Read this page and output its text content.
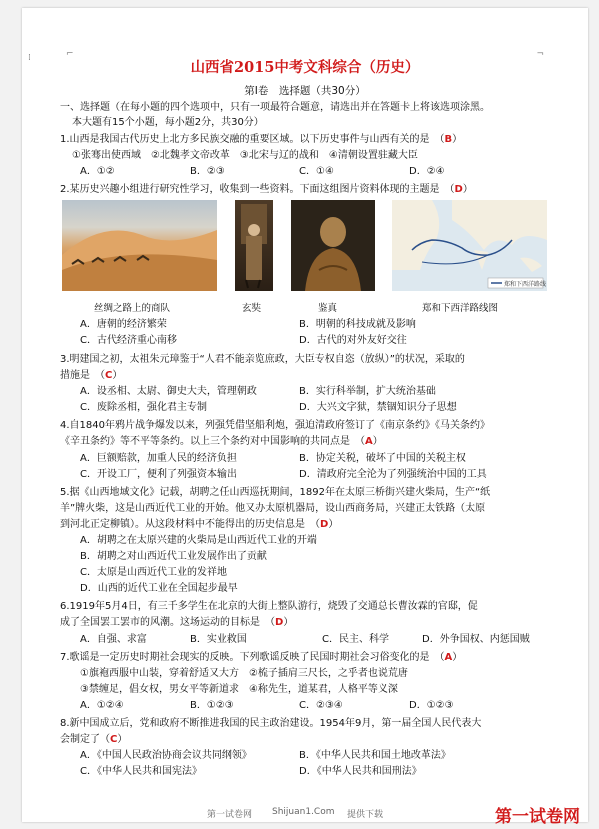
⌐	¬
⁞
山西省2015中考文科综合（历史）
第Ⅰ卷　选择题（共30分）
一、选择题（在每小题的四个选项中，只有一项最符合题意，请选出并在答题卡上将该选项涂黑。
本大题有15个小题，每小题2分，共30分）
1.山西是我国古代历史上北方多民族交融的重要区域。以下历史事件与山西有关的是　（B）
①张骞出使西域　②北魏孝文帝改革　③北宋与辽的战和　④清朝设置驻藏大臣
A．①②	B．②③	C．①④	D．②④
2.某历史兴趣小组进行研究性学习，收集到一些资料。下面这组图片资料体现的主题是　（D）
郑和下西洋路线
丝绸之路上的商队	玄奘	鉴真	郑和下西洋路线图
A．唐朝的经济繁荣	B．明朝的科技成就及影响
C．古代经济重心南移	D．古代的对外友好交往
3.明建国之初，太祖朱元璋鉴于“人君不能亲览庶政，大臣专权自恣（放纵）”的状况，采取的
措施是　（C）
A．设丞相、太尉、御史大夫，管理朝政	B．实行科举制，扩大统治基础
C．废除丞相，强化君主专制	D．大兴文字狱，禁锢知识分子思想
4.自1840年鸦片战争爆发以来，列强凭借坚船利炮，强迫清政府签订了《南京条约》《马关条约》
《辛丑条约》等不平等条约。以上三个条约对中国影响的共同点是　（A）
A．巨额赔款，加重人民的经济负担	B．协定关税，破坏了中国的关税主权
C．开设工厂，便利了列强资本输出	D．清政府完全沦为了列强统治中国的工具
5.据《山西地域文化》记载，胡聘之任山西巡抚期间，1892年在太原三桥街兴建火柴局，生产“纸
羊”牌火柴，这是山西近代工业的开始。他又办太原机器局，设山西商务局，兴建正太铁路（太原
到河北正定柳镇）。从这段材料中不能得出的历史信息是　（D）
A．胡聘之在太原兴建的火柴局是山西近代工业的开端
B．胡聘之对山西近代工业发展作出了贡献
C．太原是山西近代工业的发祥地
D．山西的近代工业在全国起步最早
6.1919年5月4日，有三千多学生在北京的大街上整队游行，烧毁了交通总长曹汝霖的官邸，促
成了全国罢工罢市的风潮。这场运动的目标是　（D）
A．自强、求富	B．实业救国	C．民主、科学	D．外争国权、内惩国贼
7.歌谣是一定历史时期社会现实的反映。下列歌谣反映了民国时期社会习俗变化的是　（A）
①旗袍西服中山装，穿着舒适又大方　②梳子插肩三尺长，之乎者也说荒唐
③禁缠足，倡女权，男女平等新道求　④称先生，道某君，人格平等义深
A．①②④	B．①②③	C．②③④	D．①②③
8.新中国成立后，党和政府不断推进我国的民主政治建设。1954年9月，第一届全国人民代表大
会制定了（C）
A．《中国人民政治协商会议共同纲领》	B．《中华人民共和国土地改革法》
C．《中华人民共和国宪法》	D．《中华人民共和国刑法》
第一试卷网 Shijuan1.Com 提供下载	第一试卷网
